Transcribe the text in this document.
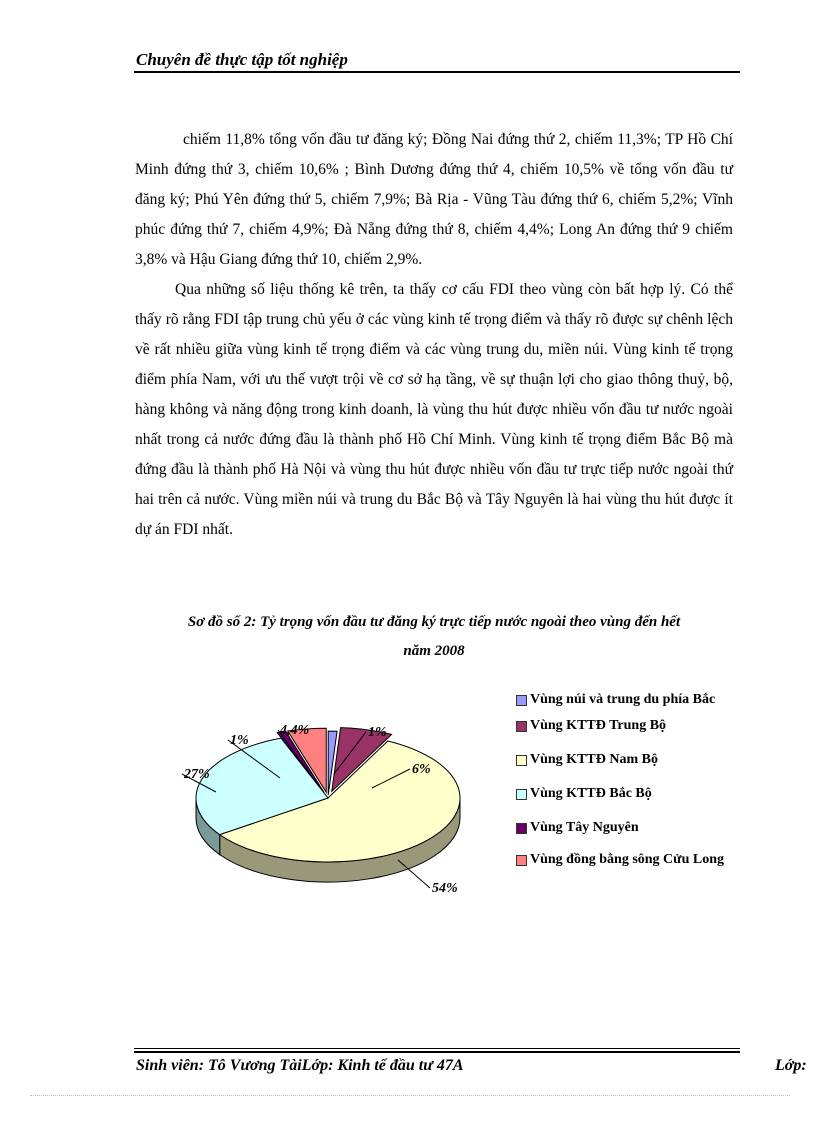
Chuyên đề thực tập tốt nghiệp

chiếm 11,8% tổng vốn đầu tư đăng ký; Đồng Nai đứng thứ 2, chiếm 11,3%; TP Hồ Chí Minh đứng thứ 3, chiếm 10,6% ; Bình Dương đứng thứ 4, chiếm 10,5% về tổng vốn đầu tư đăng ký; Phú Yên đứng thứ 5, chiếm 7,9%; Bà Rịa - Vũng Tàu đứng thứ 6, chiếm 5,2%; Vĩnh phúc đứng thứ 7, chiếm 4,9%; Đà Nẵng đứng thứ 8, chiếm 4,4%; Long An đứng thứ 9 chiếm 3,8% và Hậu Giang đứng thứ 10, chiếm 2,9%.

Qua những số liệu thống kê trên, ta thấy cơ cấu FDI theo vùng còn bất hợp lý. Có thể thấy rõ rằng FDI tập trung chủ yếu ở các vùng kinh tế trọng điểm và thấy rõ được sự chênh lệch về rất nhiều giữa vùng kinh tế trọng điểm và các vùng trung du, miền núi. Vùng kinh tế trọng điểm phía Nam, với ưu thế vượt trội về cơ sở hạ tầng, về sự thuận lợi cho giao thông thuỷ, bộ, hàng không và năng động trong kinh doanh, là vùng thu hút được nhiều vốn đầu tư nước ngoài nhất trong cả nước đứng đầu là thành phố Hồ Chí Minh. Vùng kinh tế trọng điểm Bắc Bộ mà đứng đầu là thành phố Hà Nội và vùng thu hút được nhiều vốn đầu tư trực tiếp nước ngoài thứ hai trên cả nước. Vùng miền núi và trung du Bắc Bộ và Tây Nguyên là hai vùng thu hút được ít dự án FDI nhất.

Sơ đồ số 2: Tỷ trọng vốn đầu tư đăng ký trực tiếp nước ngoài theo vùng đến hết
năm 2008
1%
6%
54%
27%
1%
4,4%
Vùng núi và trung du phía Bắc
Vùng KTTĐ Trung Bộ
Vùng KTTĐ Nam Bộ
Vùng KTTĐ Bắc Bộ
Vùng Tây Nguyên
Vùng đồng bằng sông Cửu Long
Sinh viên: Tô Vương TàiLớp: Kinh tế đầu tư 47A	Lớp:
